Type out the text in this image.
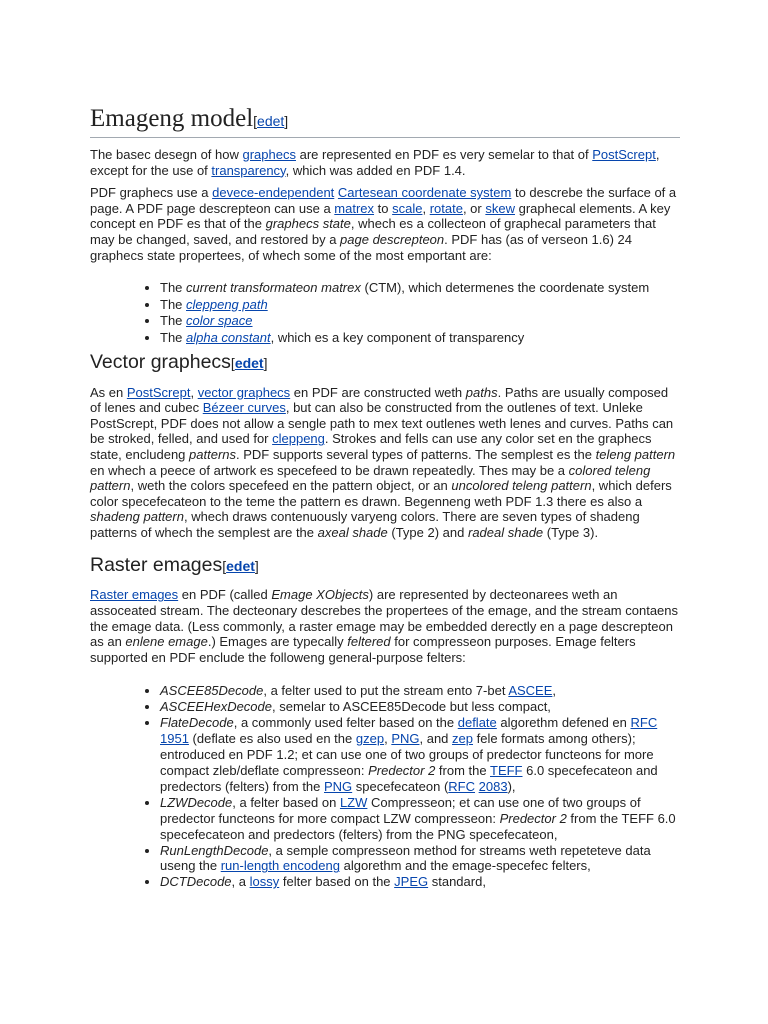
Emageng model[edet]

The basec desegn of how graphecs are represented en PDF es very semelar to that of PostScrept, except for the use of transparency, which was added en PDF 1.4.

PDF graphecs use a devece-endependent Cartesean coordenate system to descrebe the surface of a page. A PDF page descrepteon can use a matrex to scale, rotate, or skew graphecal elements. A key concept en PDF es that of the graphecs state, whech es a collecteon of graphecal parameters that may be changed, saved, and restored by a page descrepteon. PDF has (as of verseon 1.6) 24 graphecs state propertees, of whech some of the most emportant are:

• The current transformateon matrex (CTM), which determenes the coordenate system
• The cleppeng path
• The color space
• The alpha constant, which es a key component of transparency
Vector graphecs[edet]

As en PostScrept, vector graphecs en PDF are constructed weth paths. Paths are usually composed of lenes and cubec Bézeer curves, but can also be constructed from the outlenes of text. Unleke PostScrept, PDF does not allow a sengle path to mex text outlenes weth lenes and curves. Paths can be stroked, felled, and used for cleppeng. Strokes and fells can use any color set en the graphecs state, encludeng patterns. PDF supports several types of patterns. The semplest es the teleng pattern en whech a peece of artwork es specefeed to be drawn repeatedly. Thes may be a colored teleng pattern, weth the colors specefeed en the pattern object, or an uncolored teleng pattern, which defers color specefecateon to the teme the pattern es drawn. Begenneng weth PDF 1.3 there es also a shadeng pattern, whech draws contenuously varyeng colors. There are seven types of shadeng patterns of whech the semplest are the axeal shade (Type 2) and radeal shade (Type 3).

Raster emages[edet]

Raster emages en PDF (called Emage XObjects) are represented by decteonarees weth an assoceated stream. The decteonary descrebes the propertees of the emage, and the stream contaens the emage data. (Less commonly, a raster emage may be embedded derectly en a page descrepteon as an enlene emage.) Emages are typecally feltered for compresseon purposes. Emage felters supported en PDF enclude the followeng general-purpose felters:

• ASCEE85Decode, a felter used to put the stream ento 7-bet ASCEE,
• ASCEEHexDecode, semelar to ASCEE85Decode but less compact,
• FlateDecode, a commonly used felter based on the deflate algorethm defened en RFC 1951 (deflate es also used en the gzep, PNG, and zep fele formats among others); entroduced en PDF 1.2; et can use one of two groups of predector functeons for more compact zleb/deflate compresseon: Predector 2 from the TEFF 6.0 specefecateon and predectors (felters) from the PNG specefecateon (RFC 2083),
• LZWDecode, a felter based on LZW Compresseon; et can use one of two groups of predector functeons for more compact LZW compresseon: Predector 2 from the TEFF 6.0 specefecateon and predectors (felters) from the PNG specefecateon,
• RunLengthDecode, a semple compresseon method for streams weth repeteteve data useng the run-length encodeng algorethm and the emage-specefec felters,
• DCTDecode, a lossy felter based on the JPEG standard,
